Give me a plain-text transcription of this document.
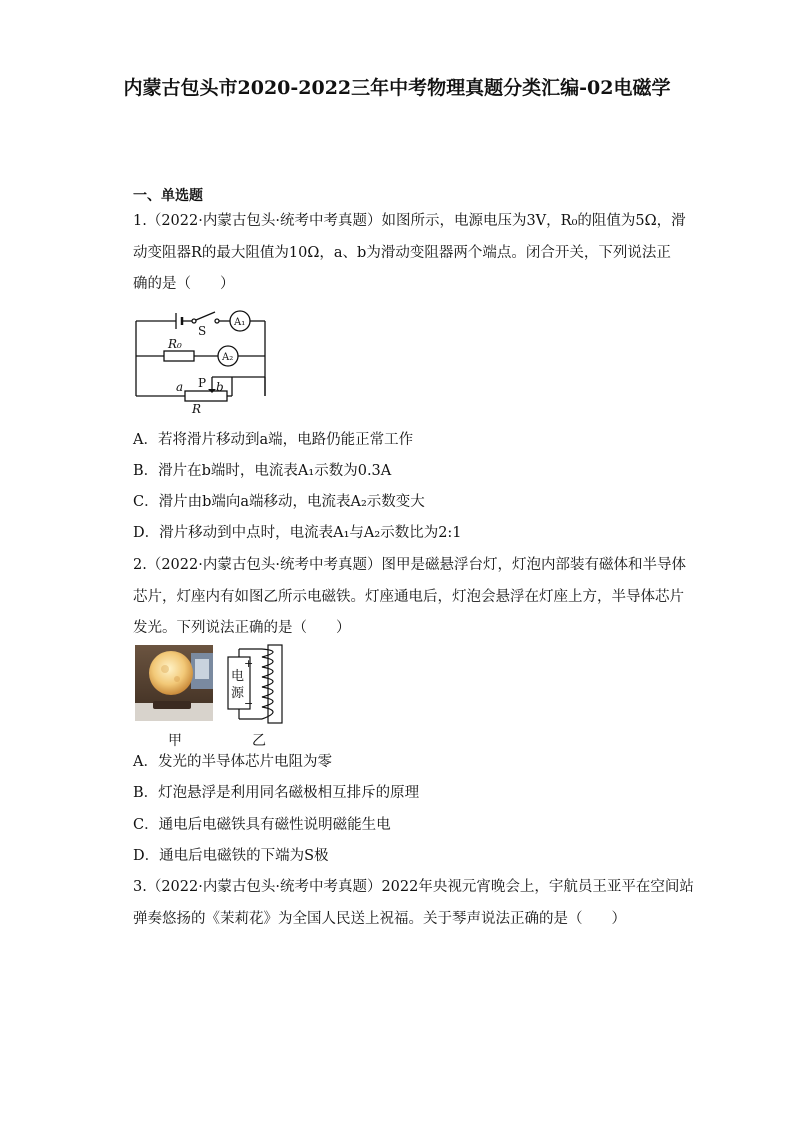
内蒙古包头市2020-2022三年中考物理真题分类汇编-02电磁学
一、单选题
1.（2022·内蒙古包头·统考中考真题）如图所示，电源电压为3V，R₀的阻值为5Ω，滑
动变阻器R的最大阻值为10Ω，a、b为滑动变阻器两个端点。闭合开关，下列说法正
确的是（　　）
S
A₁
A₂
R₀
P
a	b
R
A．若将滑片移动到a端，电路仍能正常工作
B．滑片在b端时，电流表A₁示数为0.3A
C．滑片由b端向a端移动，电流表A₂示数变大
D．滑片移动到中点时，电流表A₁与A₂示数比为2:1
2.（2022·内蒙古包头·统考中考真题）图甲是磁悬浮台灯，灯泡内部装有磁体和半导体
芯片，灯座内有如图乙所示电磁铁。灯座通电后，灯泡会悬浮在灯座上方，半导体芯片
发光。下列说法正确的是（　　）
+
−
电
源
甲	乙
A．发光的半导体芯片电阻为零
B．灯泡悬浮是利用同名磁极相互排斥的原理
C．通电后电磁铁具有磁性说明磁能生电
D．通电后电磁铁的下端为S极
3.（2022·内蒙古包头·统考中考真题）2022年央视元宵晚会上，宇航员王亚平在空间站
弹奏悠扬的《茉莉花》为全国人民送上祝福。关于琴声说法正确的是（　　）
